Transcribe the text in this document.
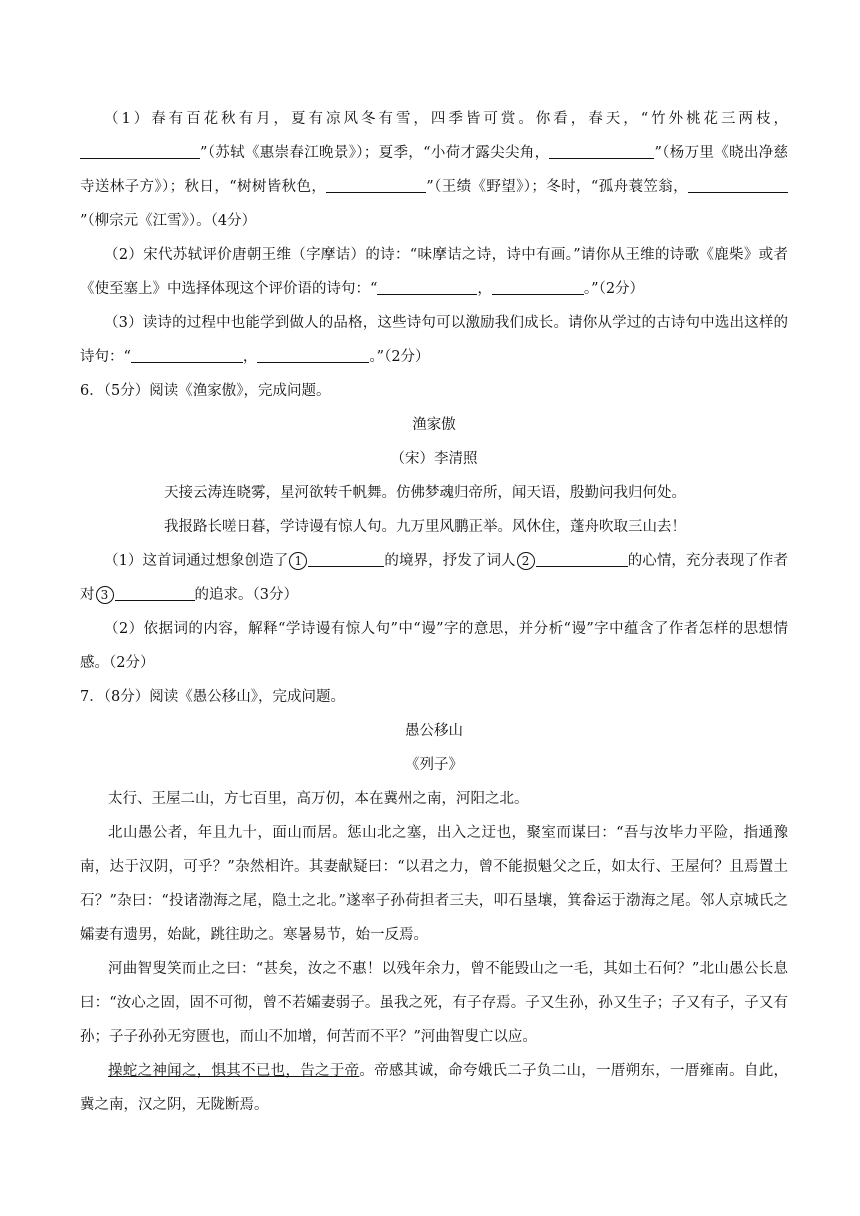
（1）春有百花秋有月，夏有凉风冬有雪，四季皆可赏。你看，春天，“竹外桃花三两枝，”（苏轼《惠崇春江晚景》）；夏季，“小荷才露尖尖角，	”（杨万里《晓出净慈寺送林子方》）；秋日，“树树皆秋色，	”（王绩《野望》）；冬时，“孤舟蓑笠翁，”（柳宗元《江雪》）。（4分）

（2）宋代苏轼评价唐朝王维（字摩诘）的诗：“味摩诘之诗，诗中有画。”请你从王维的诗歌《鹿柴》或者《使至塞上》中选择体现这个评价语的诗句：“	，	。”（2分）

（3）读诗的过程中也能学到做人的品格，这些诗句可以激励我们成长。请你从学过的古诗句中选出这样的诗句：“	，	。”（2分）

6．（5分）阅读《渔家傲》，完成问题。

渔家傲

（宋）李清照

天接云涛连晓雾，星河欲转千帆舞。仿佛梦魂归帝所，闻天语，殷勤问我归何处。

我报路长嗟日暮，学诗谩有惊人句。九万里风鹏正举。风休住，蓬舟吹取三山去！

（1）这首词通过想象创造了 1	的境界，抒发了词人 2	的心情，充分表现了作者对 3	的追求。（3分）

（2）依据词的内容，解释“学诗谩有惊人句”中“谩”字的意思，并分析“谩”字中蕴含了作者怎样的思想情感。（2分）

7．（8分）阅读《愚公移山》，完成问题。

愚公移山

《列子》

太行、王屋二山，方七百里，高万仞，本在冀州之南，河阳之北。

北山愚公者，年且九十，面山而居。惩山北之塞，出入之迂也，聚室而谋曰：“吾与汝毕力平险，指通豫南，达于汉阴，可乎？”杂然相许。其妻献疑曰：“以君之力，曾不能损魁父之丘，如太行、王屋何？且焉置土石？”杂曰：“投诸渤海之尾，隐土之北。”遂率子孙荷担者三夫，叩石垦壤，箕畚运于渤海之尾。邻人京城氏之孀妻有遗男，始龀，跳往助之。寒暑易节，始一反焉。

河曲智叟笑而止之曰：“甚矣，汝之不惠！以残年余力，曾不能毁山之一毛，其如土石何？”北山愚公长息曰：“汝心之固，固不可彻，曾不若孀妻弱子。虽我之死，有子存焉。子又生孙，孙又生子；子又有子，子又有孙；子子孙孙无穷匮也，而山不加增，何苦而不平？”河曲智叟亡以应。

操蛇之神闻之，惧其不已也，告之于帝。帝感其诚，命夸娥氏二子负二山，一厝朔东，一厝雍南。自此，冀之南，汉之阴，无陇断焉。
